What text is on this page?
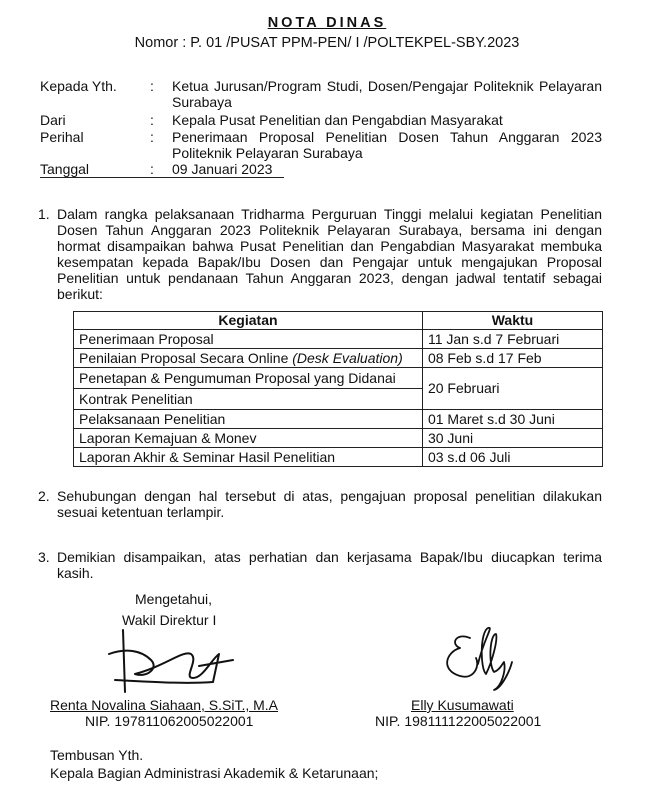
NOTA DINAS
Nomor : P. 01 /PUSAT PPM-PEN/ I /POLTEKPEL-SBY.2023
Kepada Yth. : Ketua Jurusan/Program Studi, Dosen/Pengajar Politeknik Pelayaran Surabaya
Dari	: Kepala Pusat Penelitian dan Pengabdian Masyarakat
Perihal	: Penerimaan Proposal Penelitian Dosen Tahun Anggaran 2023 Politeknik Pelayaran Surabaya
Tanggal	: 09 Januari 2023
1. Dalam rangka pelaksanaan Tridharma Perguruan Tinggi melalui kegiatan Penelitian Dosen Tahun Anggaran 2023 Politeknik Pelayaran Surabaya, bersama ini dengan hormat disampaikan bahwa Pusat Penelitian dan Pengabdian Masyarakat membuka kesempatan kepada Bapak/Ibu Dosen dan Pengajar untuk mengajukan Proposal Penelitian untuk pendanaan Tahun Anggaran 2023, dengan jadwal tentatif sebagai berikut:
Kegiatan	Waktu
Penerimaan Proposal	11 Jan s.d 7 Februari
Penilaian Proposal Secara Online (Desk Evaluation)	08 Feb s.d 17 Feb
Penetapan & Pengumuman Proposal yang Didanai	20 Februari
Kontrak Penelitian	
Pelaksanaan Penelitian	01 Maret s.d 30 Juni
Laporan Kemajuan & Monev	30 Juni
Laporan Akhir & Seminar Hasil Penelitian	03 s.d 06 Juli
2. Sehubungan dengan hal tersebut di atas, pengajuan proposal penelitian dilakukan sesuai ketentuan terlampir.
3. Demikian disampaikan, atas perhatian dan kerjasama Bapak/Ibu diucapkan terima kasih.
Mengetahui,
Wakil Direktur I
Renta Novalina Siahaan, S.SiT., M.A
NIP. 197811062005022001
Elly Kusumawati
NIP. 198111122005022001
Tembusan Yth.
Kepala Bagian Administrasi Akademik & Ketarunaan;
